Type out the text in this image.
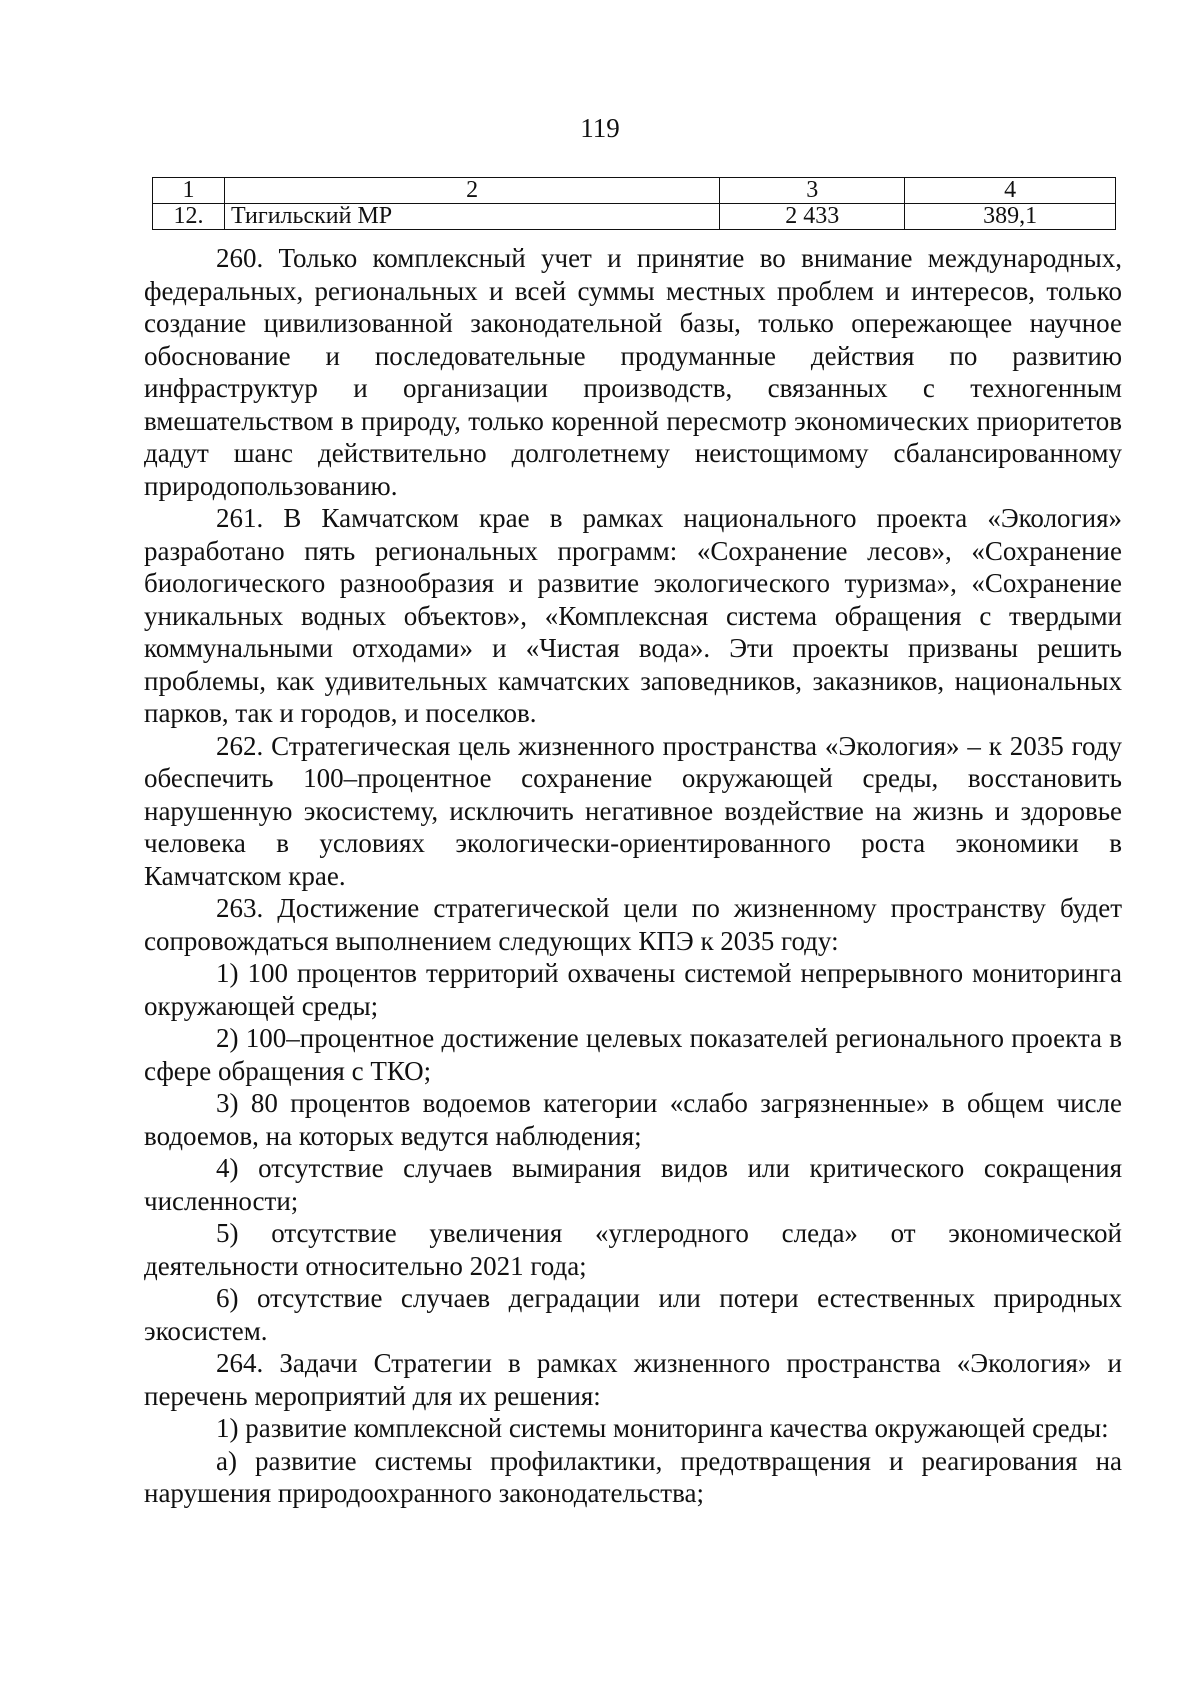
119
1	2	3	4
12.	Тигильский МР	2 433	389,1

260. Только комплексный учет и принятие во внимание международных, федеральных, региональных и всей суммы местных проблем и интересов, только создание цивилизованной законодательной базы, только опережающее научное обоснование и последовательные продуманные действия по развитию инфраструктур и организации производств, связанных с техногенным вмешательством в природу, только коренной пересмотр экономических приоритетов дадут шанс действительно долголетнему неистощимому сбалансированному природопользованию.

261. В Камчатском крае в рамках национального проекта «Экология» разработано пять региональных программ: «Сохранение лесов», «Сохранение биологического разнообразия и развитие экологического туризма», «Сохранение уникальных водных объектов», «Комплексная система обращения с твердыми коммунальными отходами» и «Чистая вода». Эти проекты призваны решить проблемы, как удивительных камчатских заповедников, заказников, национальных парков, так и городов, и поселков.

262. Стратегическая цель жизненного пространства «Экология» – к 2035 году обеспечить 100–процентное сохранение окружающей среды, восстановить нарушенную экосистему, исключить негативное воздействие на жизнь и здоровье человека в условиях экологически-ориентированного роста экономики в Камчатском крае.

263. Достижение стратегической цели по жизненному пространству будет сопровождаться выполнением следующих КПЭ к 2035 году:

1) 100 процентов территорий охвачены системой непрерывного мониторинга окружающей среды;

2) 100–процентное достижение целевых показателей регионального проекта в сфере обращения с ТКО;

3) 80 процентов водоемов категории «слабо загрязненные» в общем числе водоемов, на которых ведутся наблюдения;

4) отсутствие случаев вымирания видов или критического сокращения численности;

5) отсутствие увеличения «углеродного следа» от экономической деятельности относительно 2021 года;

6) отсутствие случаев деградации или потери естественных природных экосистем.

264. Задачи Стратегии в рамках жизненного пространства «Экология» и перечень мероприятий для их решения:

1) развитие комплексной системы мониторинга качества окружающей среды:

а) развитие системы профилактики, предотвращения и реагирования на нарушения природоохранного законодательства;
